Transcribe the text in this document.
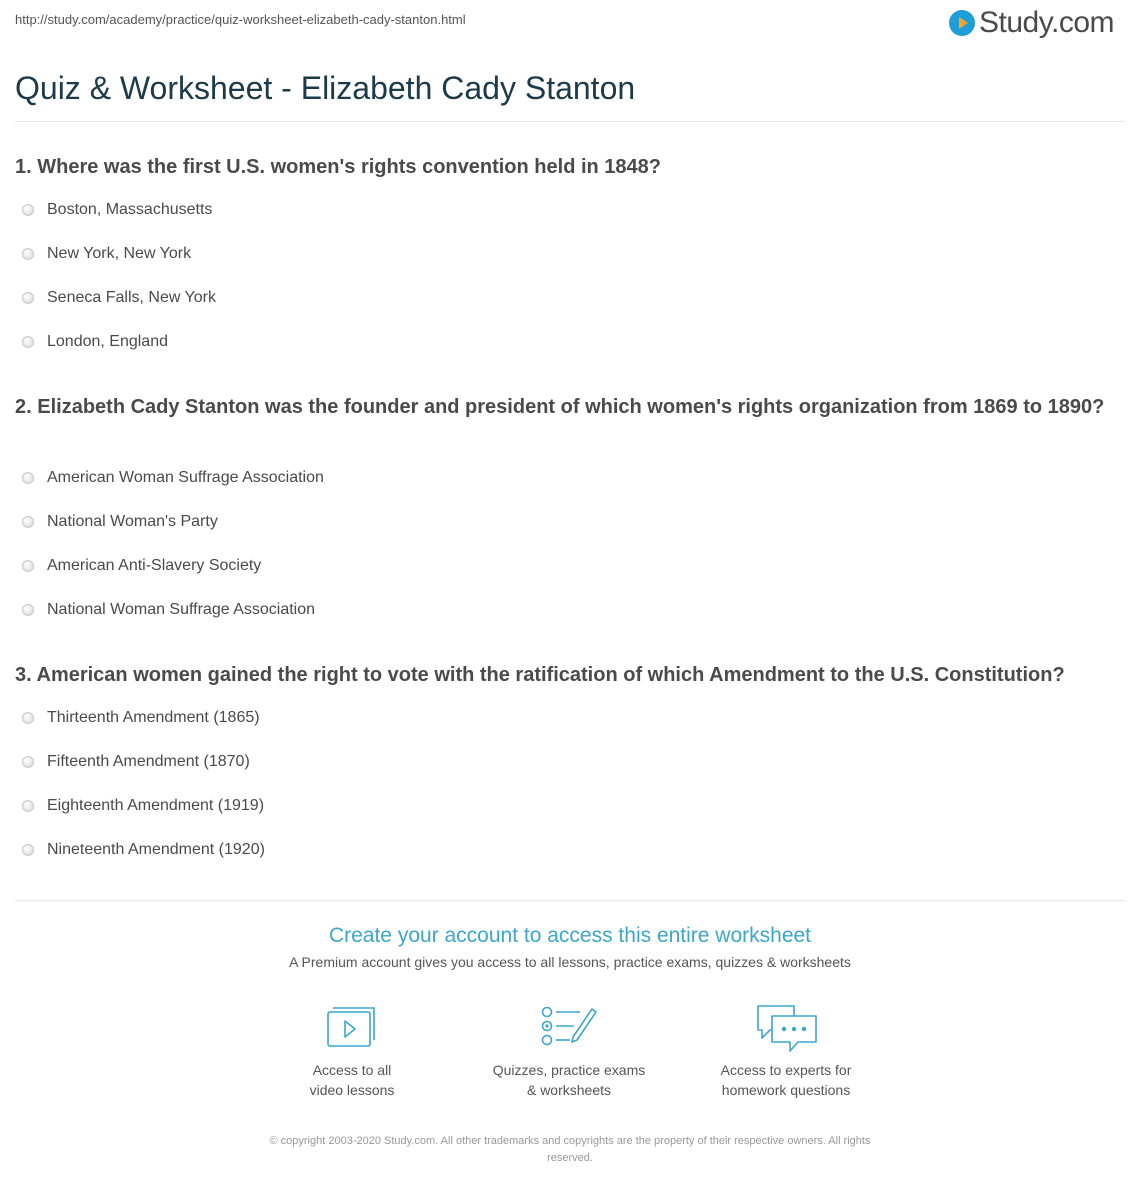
http://study.com/academy/practice/quiz-worksheet-elizabeth-cady-stanton.html	Study.com
Quiz & Worksheet - Elizabeth Cady Stanton
1. Where was the first U.S. women's rights convention held in 1848?
Boston, Massachusetts
New York, New York
Seneca Falls, New York
London, England
2. Elizabeth Cady Stanton was the founder and president of which women's rights organization from 1869 to 1890?
American Woman Suffrage Association
National Woman's Party
American Anti-Slavery Society
National Woman Suffrage Association
3. American women gained the right to vote with the ratification of which Amendment to the U.S. Constitution?
Thirteenth Amendment (1865)
Fifteenth Amendment (1870)
Eighteenth Amendment (1919)
Nineteenth Amendment (1920)
Create your account to access this entire worksheet
A Premium account gives you access to all lessons, practice exams, quizzes & worksheets
Access to all
video lessons
Quizzes, practice exams
& worksheets
Access to experts for
homework questions
© copyright 2003-2020 Study.com. All other trademarks and copyrights are the property of their respective owners. All rights
reserved.
